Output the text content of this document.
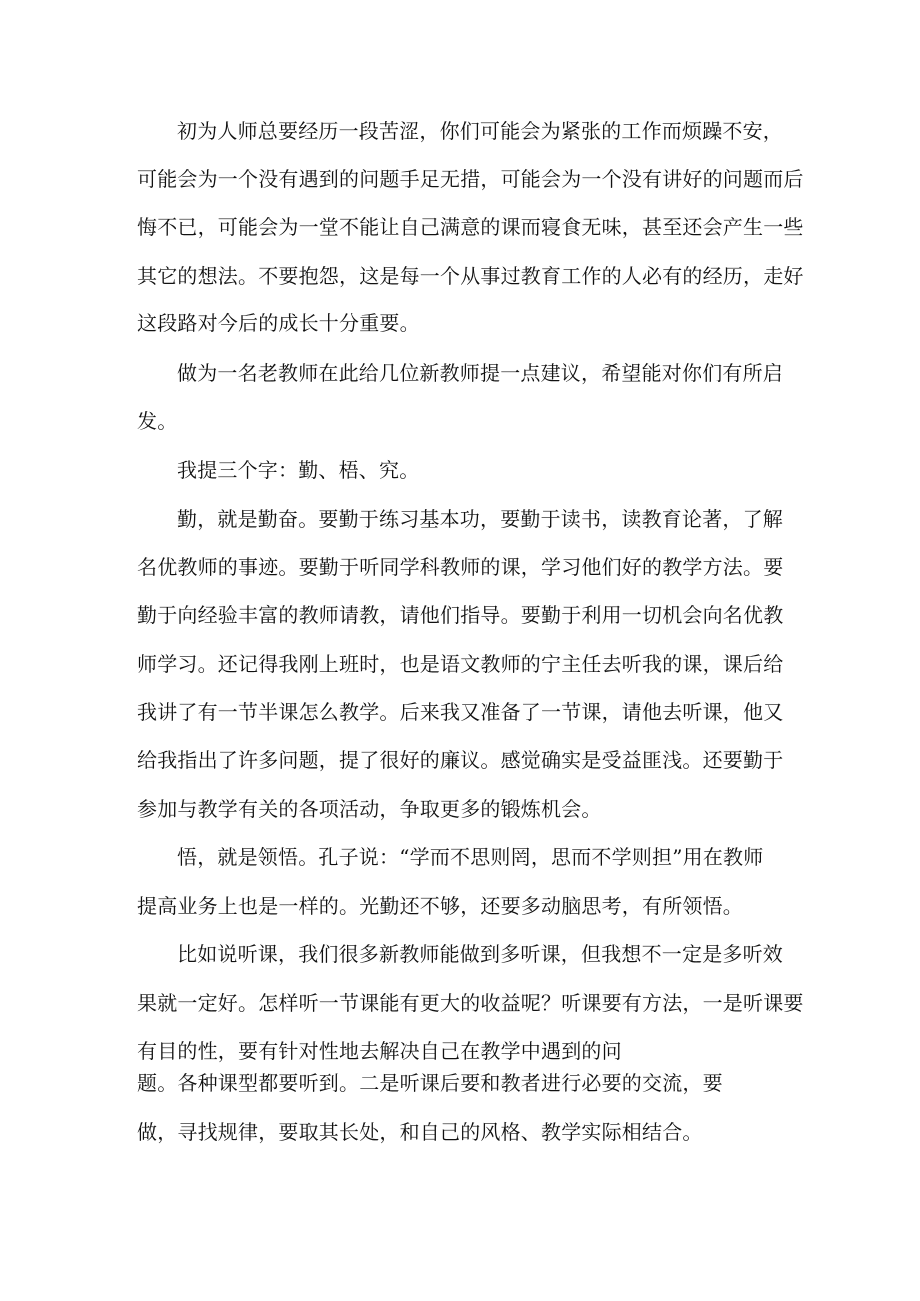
初为人师总要经历一段苦涩，你们可能会为紧张的工作而烦躁不安，
可能会为一个没有遇到的问题手足无措，可能会为一个没有讲好的问题而后
悔不已，可能会为一堂不能让自己满意的课而寝食无味，甚至还会产生一些
其它的想法。不要抱怨，这是每一个从事过教育工作的人必有的经历，走好
这段路对今后的成长十分重要。
做为一名老教师在此给几位新教师提一点建议，希望能对你们有所启
发。
我提三个字：勤、梧、究。
勤，就是勤奋。要勤于练习基本功，要勤于读书，读教育论著，了解
名优教师的事迹。要勤于听同学科教师的课，学习他们好的教学方法。要
勤于向经验丰富的教师请教，请他们指导。要勤于利用一切机会向名优教
师学习。还记得我刚上班时，也是语文教师的宁主任去听我的课，课后给
我讲了有一节半课怎么教学。后来我又准备了一节课，请他去听课，他又
给我指出了许多问题，提了很好的廉议。感觉确实是受益匪浅。还要勤于
参加与教学有关的各项活动，争取更多的锻炼机会。
悟，就是领悟。孔子说：“学而不思则罔，思而不学则担”用在教师
提高业务上也是一样的。光勤还不够，还要多动脑思考，有所领悟。
比如说听课，我们很多新教师能做到多听课，但我想不一定是多听效
果就一定好。怎样听一节课能有更大的收益呢？听课要有方法，一是听课要
有目的性，要有针对性地去解决自己在教学中遇到的问
题。各种课型都要听到。二是听课后要和教者进行必要的交流，要
做，寻找规律，要取其长处，和自己的风格、教学实际相结合。
